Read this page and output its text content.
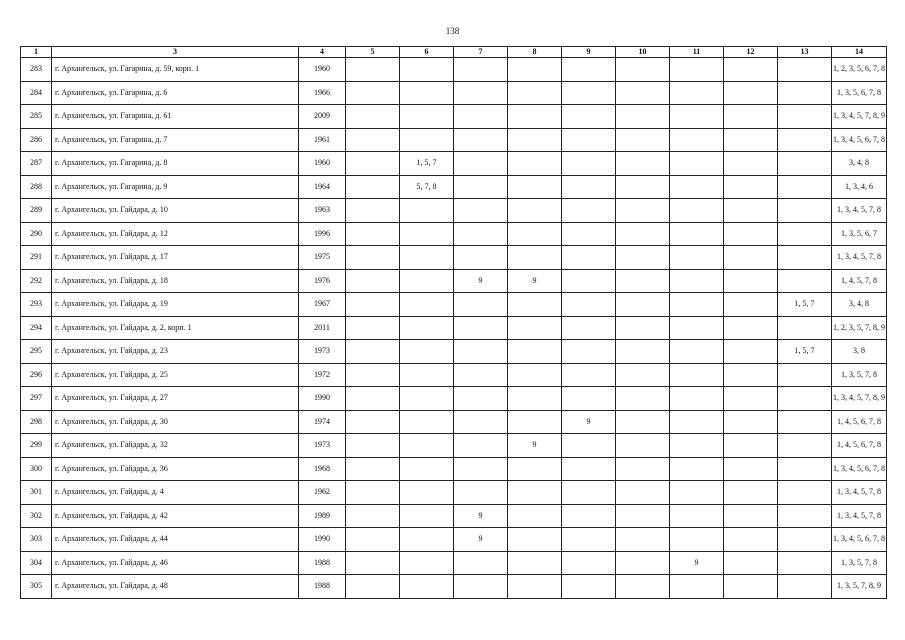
138
1	3	4	5	6	7	8	9	10	11	12	13	14
283	г. Архангельск, ул. Гагарина, д. 59, корп. 1	1960										1, 2, 3, 5, 6, 7, 8
284	г. Архангельск, ул. Гагарина, д. 6	1966										1, 3, 5, 6, 7, 8
285	г. Архангельск, ул. Гагарина, д. 61	2009										1, 3, 4, 5, 7, 8, 9
286	г. Архангельск, ул. Гагарина, д. 7	1961										1, 3, 4, 5, 6, 7, 8
287	г. Архангельск, ул. Гагарина, д. 8	1960		1, 5, 7								3, 4, 8
288	г. Архангельск, ул. Гагарина, д. 9	1964		5, 7, 8								1, 3, 4, 6
289	г. Архангельск, ул. Гайдара, д. 10	1963										1, 3, 4, 5, 7, 8
290	г. Архангельск, ул. Гайдара, д. 12	1996										1, 3, 5, 6, 7
291	г. Архангельск, ул. Гайдара, д. 17	1975										1, 3, 4, 5, 7, 8
292	г. Архангельск, ул. Гайдара, д. 18	1976			9	9						1, 4, 5, 7, 8
293	г. Архангельск, ул. Гайдара, д. 19	1967									1, 5, 7	3, 4, 8
294	г. Архангельск, ул. Гайдара, д. 2, корп. 1	2011										1, 2, 3, 5, 7, 8, 9
295	г. Архангельск, ул. Гайдара, д. 23	1973									1, 5, 7	3, 8
296	г. Архангельск, ул. Гайдара, д. 25	1972										1, 3, 5, 7, 8
297	г. Архангельск, ул. Гайдара, д. 27	1990										1, 3, 4, 5, 7, 8, 9
298	г. Архангельск, ул. Гайдара, д. 30	1974					9					1, 4, 5, 6, 7, 8
299	г. Архангельск, ул. Гайдара, д. 32	1973				9						1, 4, 5, 6, 7, 8
300	г. Архангельск, ул. Гайдара, д. 36	1968										1, 3, 4, 5, 6, 7, 8
301	г. Архангельск, ул. Гайдара, д. 4	1962										1, 3, 4, 5, 7, 8
302	г. Архангельск, ул. Гайдара, д. 42	1989			9							1, 3, 4, 5, 7, 8
303	г. Архангельск, ул. Гайдара, д. 44	1990			9							1, 3, 4, 5, 6, 7, 8
304	г. Архангельск, ул. Гайдара, д. 46	1988							9			1, 3, 5, 7, 8
305	г. Архангельск, ул. Гайдара, д. 48	1988										1, 3, 5, 7, 8, 9
